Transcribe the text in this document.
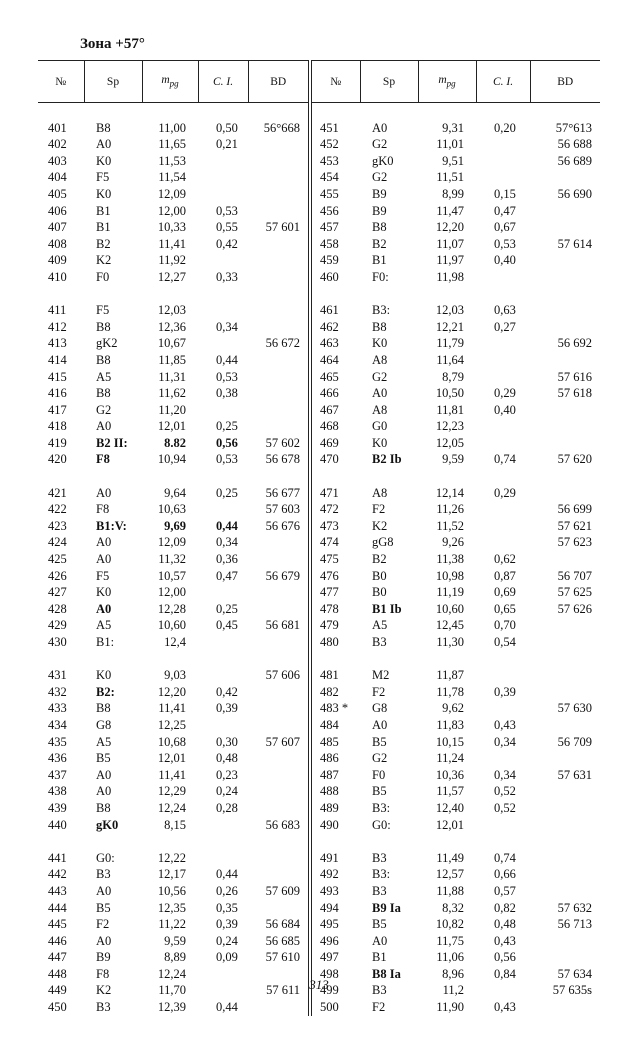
Зона +57°
№	Sp	$m_{pg}$	C. I.	BD	№	Sp	$m_{pg}$	C. I.	BD

401	B8	11,00	0,50	56°668	451	A0	9,31	0,20	57°613
402	A0	11,65	0,21		452	G2	11,01		56 688
403	K0	11,53			453	gK0	9,51		56 689
404	F5	11,54			454	G2	11,51		
405	K0	12,09			455	B9	8,99	0,15	56 690
406	B1	12,00	0,53		456	B9	11,47	0,47	
407	B1	10,33	0,55	57 601	457	B8	12,20	0,67	
408	B2	11,41	0,42		458	B2	11,07	0,53	57 614
409	K2	11,92			459	B1	11,97	0,40	
410	F0	12,27	0,33		460	F0:	11,98		

411	F5	12,03			461	B3:	12,03	0,63	
412	B8	12,36	0,34		462	B8	12,21	0,27	
413	gK2	10,67		56 672	463	K0	11,79		56 692
414	B8	11,85	0,44		464	A8	11,64		
415	A5	11,31	0,53		465	G2	8,79		57 616
416	B8	11,62	0,38		466	A0	10,50	0,29	57 618
417	G2	11,20			467	A8	11,81	0,40	
418	A0	12,01	0,25		468	G0	12,23		
419	B2 II:	8.82	0,56	57 602	469	K0	12,05		
420	F8	10,94	0,53	56 678	470	B2 Ib	9,59	0,74	57 620

421	A0	9,64	0,25	56 677	471	A8	12,14	0,29	
422	F8	10,63		57 603	472	F2	11,26		56 699
423	B1:V:	9,69	0,44	56 676	473	K2	11,52		57 621
424	A0	12,09	0,34		474	gG8	9,26		57 623
425	A0	11,32	0,36		475	B2	11,38	0,62	
426	F5	10,57	0,47	56 679	476	B0	10,98	0,87	56 707
427	K0	12,00			477	B0	11,19	0,69	57 625
428	A0	12,28	0,25		478	B1 Ib	10,60	0,65	57 626
429	A5	10,60	0,45	56 681	479	A5	12,45	0,70	
430	B1:	12,4			480	B3	11,30	0,54	

431	K0	9,03		57 606	481	M2	11,87		
432	B2:	12,20	0,42		482	F2	11,78	0,39	
433	B8	11,41	0,39		483 *	G8	9,62		57 630
434	G8	12,25			484	A0	11,83	0,43	
435	A5	10,68	0,30	57 607	485	B5	10,15	0,34	56 709
436	B5	12,01	0,48		486	G2	11,24		
437	A0	11,41	0,23		487	F0	10,36	0,34	57 631
438	A0	12,29	0,24		488	B5	11,57	0,52	
439	B8	12,24	0,28		489	B3:	12,40	0,52	
440	gK0	8,15		56 683	490	G0:	12,01		

441	G0:	12,22			491	B3	11,49	0,74	
442	B3	12,17	0,44		492	B3:	12,57	0,66	
443	A0	10,56	0,26	57 609	493	B3	11,88	0,57	
444	B5	12,35	0,35		494	B9 Ia	8,32	0,82	57 632
445	F2	11,22	0,39	56 684	495	B5	10,82	0,48	56 713
446	A0	9,59	0,24	56 685	496	A0	11,75	0,43	
447	B9	8,89	0,09	57 610	497	B1	11,06	0,56	
448	F8	12,24			498	B8 Ia	8,96	0,84	57 634
449	K2	11,70		57 611	499	B3	11,2		57 635s
450	B3	12,39	0,44		500	F2	11,90	0,43	
313
